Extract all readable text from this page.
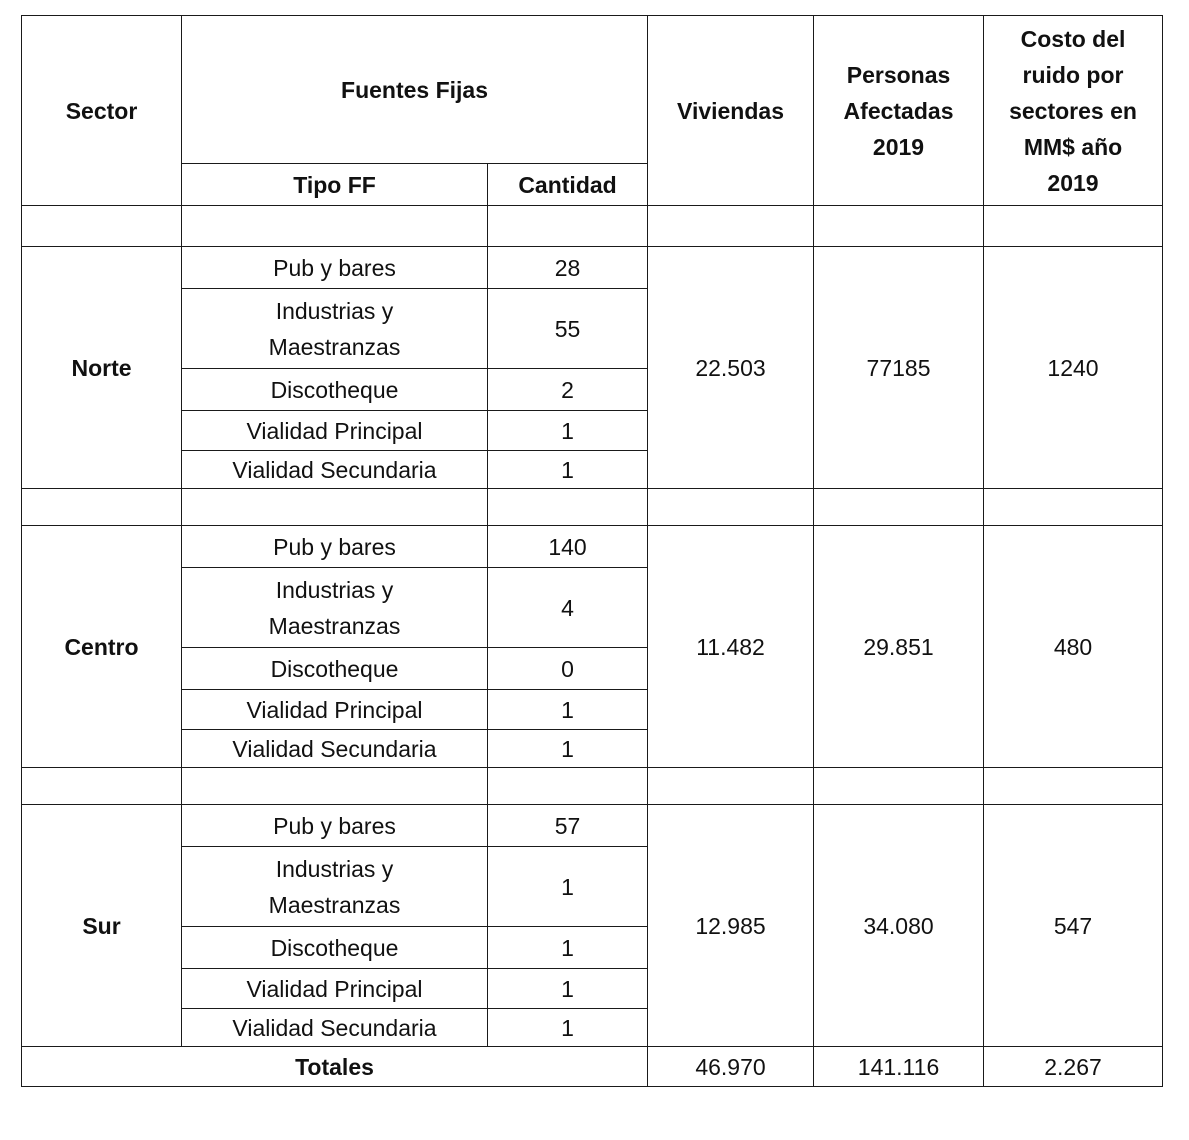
Sector	Fuentes Fijas		Viviendas	Personas Afectadas 2019	Costo del ruido por sectores en MM$ año 2019
	Tipo FF	Cantidad			

Norte	Pub y bares	28	22.503	77185	1240
	Industrias y Maestranzas	55			
	Discotheque	2			
	Vialidad Principal	1			
	Vialidad Secundaria	1			

Centro	Pub y bares	140	11.482	29.851	480
	Industrias y Maestranzas	4			
	Discotheque	0			
	Vialidad Principal	1			
	Vialidad Secundaria	1			

Sur	Pub y bares	57	12.985	34.080	547
	Industrias y Maestranzas	1			
	Discotheque	1			
	Vialidad Principal	1			
	Vialidad Secundaria	1			
Totales			46.970	141.116	2.267
